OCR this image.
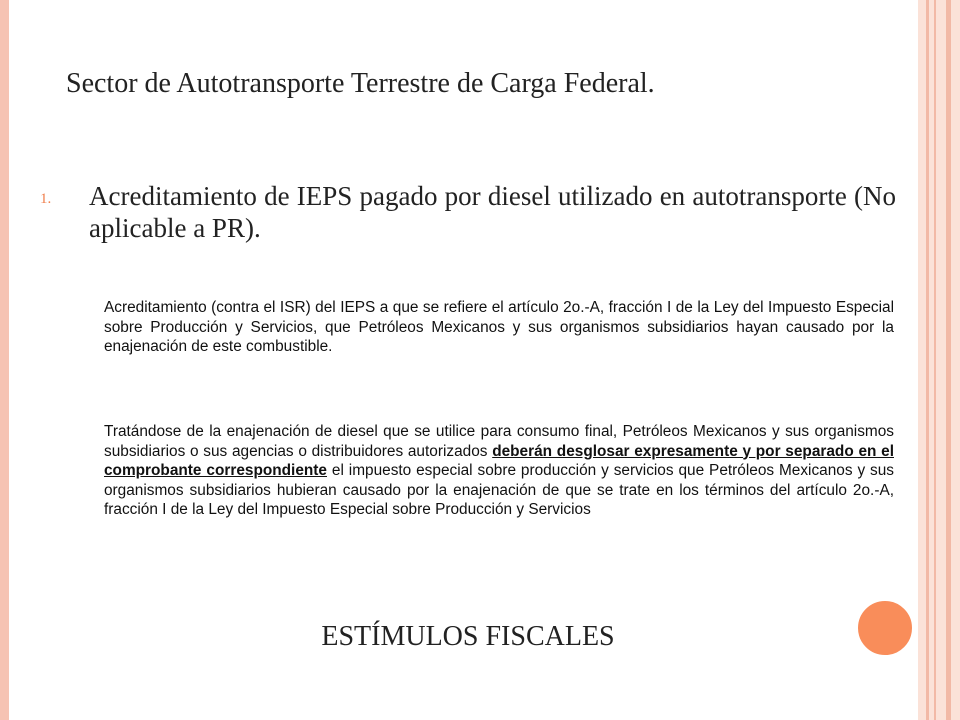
Sector de Autotransporte Terrestre de Carga Federal.
1. Acreditamiento de IEPS pagado por diesel utilizado en autotransporte (No aplicable a PR).

Acreditamiento (contra el ISR) del IEPS a que se refiere el artículo 2o.-A, fracción I de la Ley del Impuesto Especial sobre Producción y Servicios, que Petróleos Mexicanos y sus organismos subsidiarios hayan causado por la enajenación de este combustible.

Tratándose de la enajenación de diesel que se utilice para consumo final, Petróleos Mexicanos y sus organismos subsidiarios o sus agencias o distribuidores autorizados deberán desglosar expresamente y por separado en el comprobante correspondiente el impuesto especial sobre producción y servicios que Petróleos Mexicanos y sus organismos subsidiarios hubieran causado por la enajenación de que se trate en los términos del artículo 2o.-A, fracción I de la Ley del Impuesto Especial sobre Producción y Servicios

ESTÍMULOS FISCALES
